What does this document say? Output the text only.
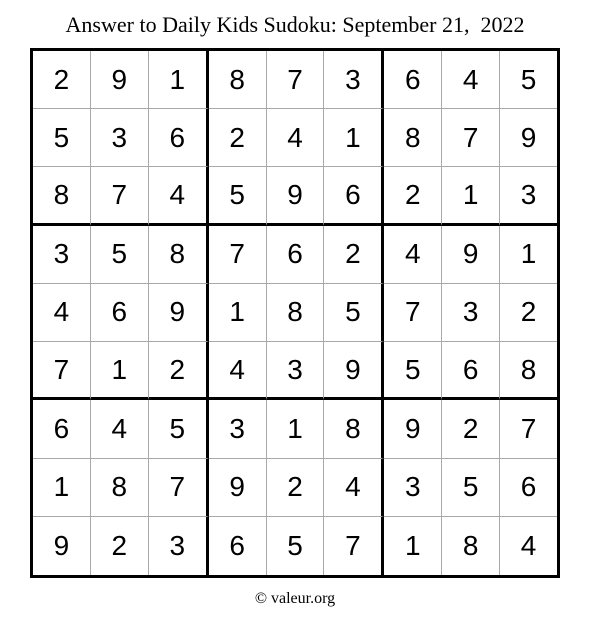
Answer to Daily Kids Sudoku: September 21,  2022
2	9	1	8	7	3	6	4	5
5	3	6	2	4	1	8	7	9
8	7	4	5	9	6	2	1	3
3	5	8	7	6	2	4	9	1
4	6	9	1	8	5	7	3	2
7	1	2	4	3	9	5	6	8
6	4	5	3	1	8	9	2	7
1	8	7	9	2	4	3	5	6
9	2	3	6	5	7	1	8	4
© valeur.org
